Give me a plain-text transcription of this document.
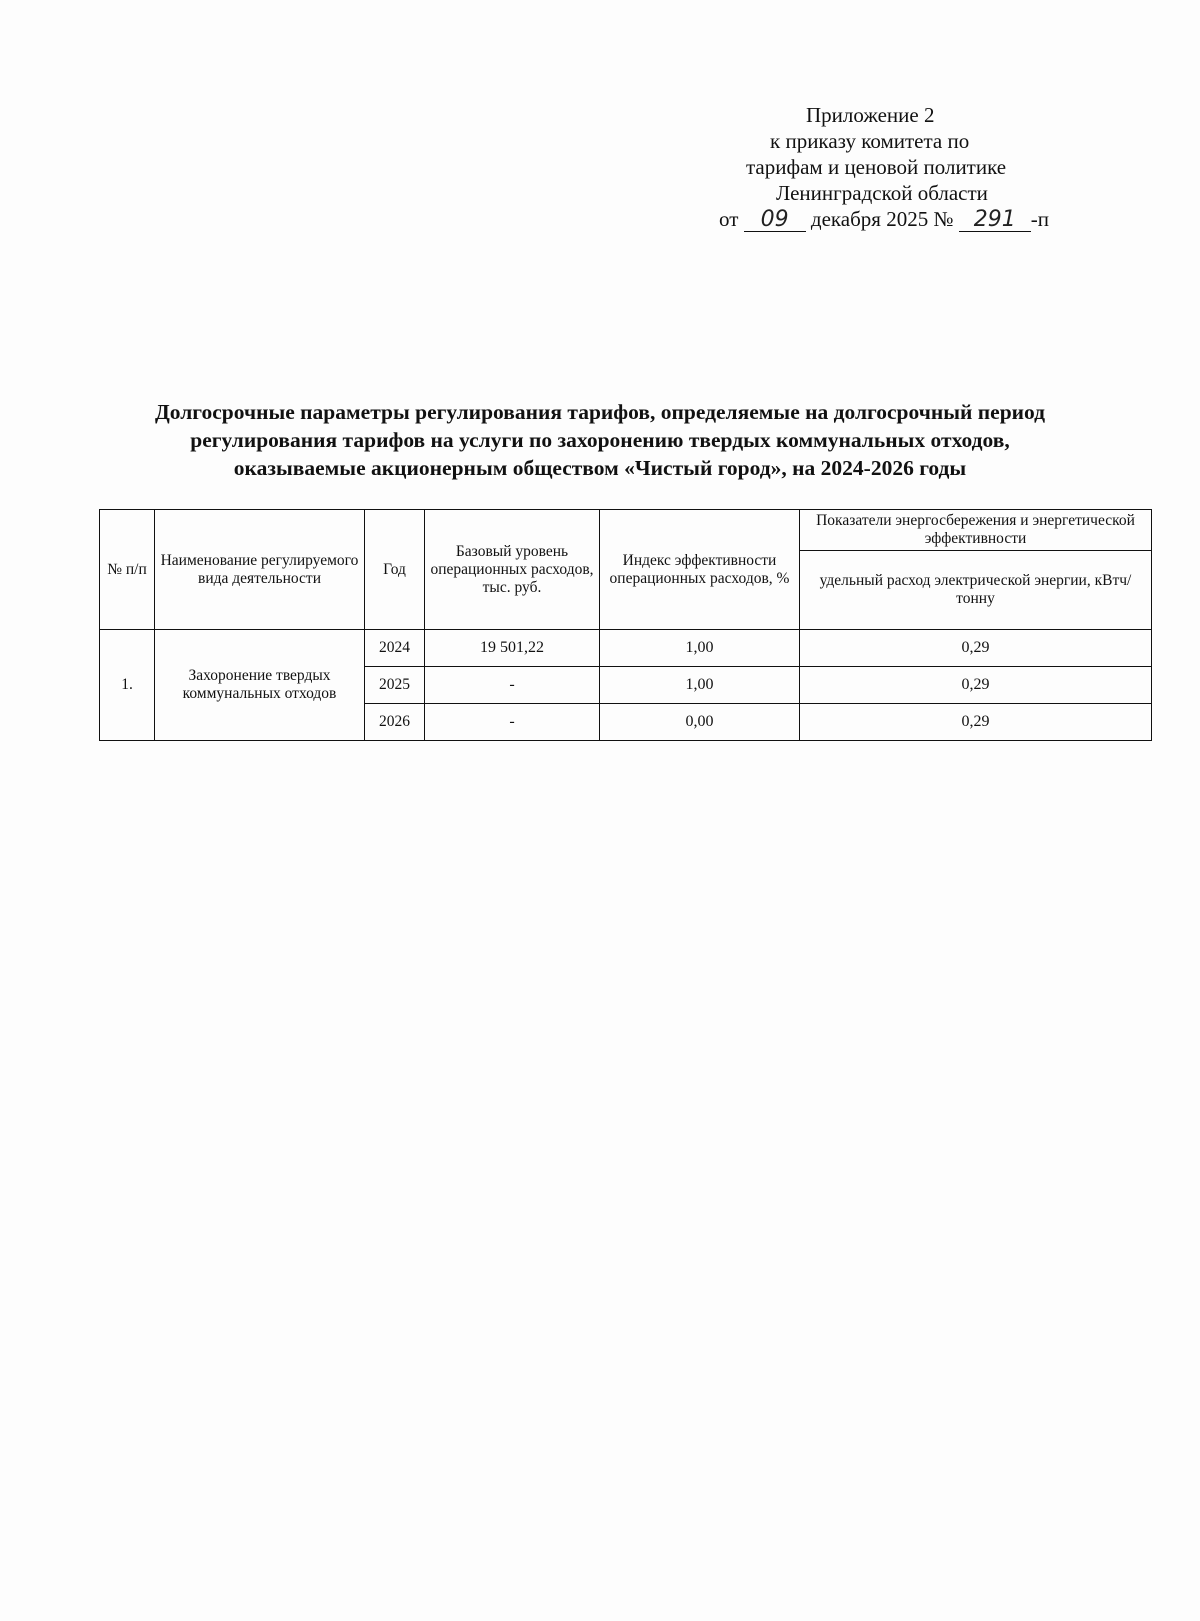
Приложение 2
к приказу комитета по
тарифам и ценовой политике
Ленинградской области
от 09 декабря 2025 № 291 -п
Долгосрочные параметры регулирования тарифов, определяемые на долгосрочный период
регулирования тарифов на услуги по захоронению твердых коммунальных отходов,
оказываемые акционерным обществом «Чистый город», на 2024-2026 годы
№ п/п	Наименование регулируемого вида деятельности	Год	Базовый уровень операционных расходов, тыс. руб.	Индекс эффективности операционных расходов, %	Показатели энергосбережения и энергетической эффективности
					удельный расход электрической энергии, кВтч/тонну
1.	Захоронение твердых коммунальных отходов	2024	19 501,22	1,00	0,29
		2025	-	1,00	0,29
		2026	-	0,00	0,29
